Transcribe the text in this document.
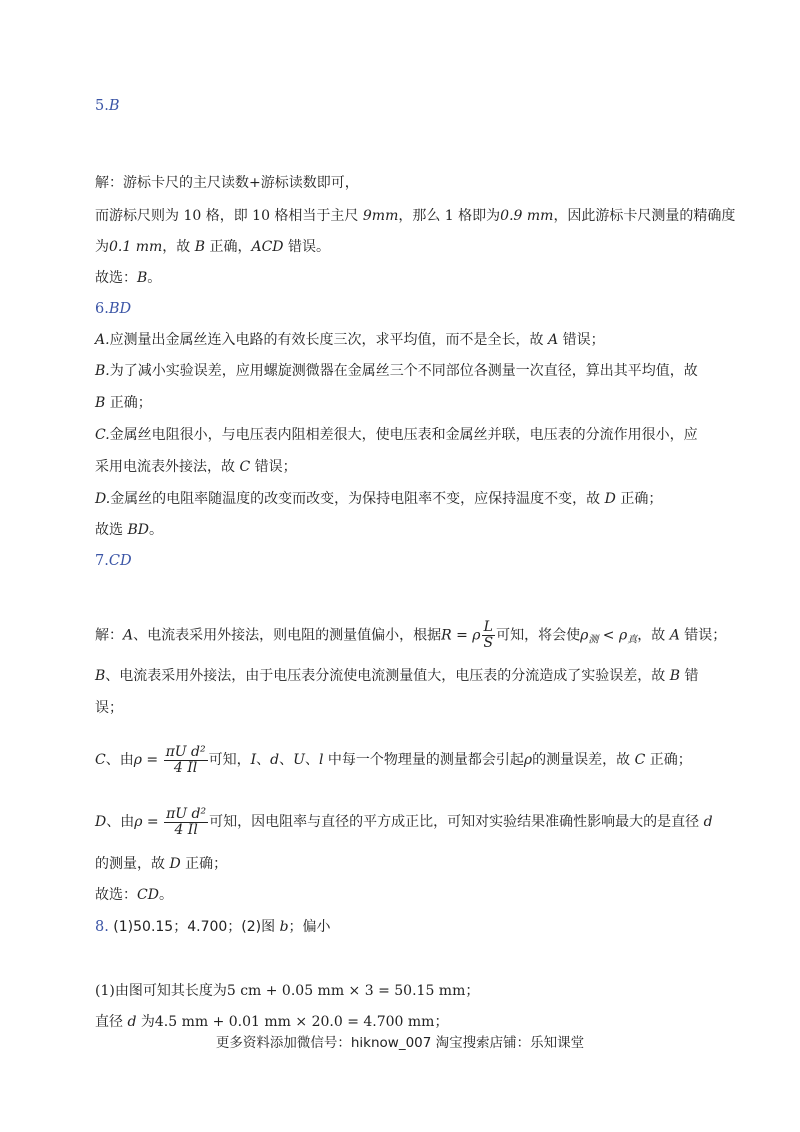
5.B
解：游标卡尺的主尺读数+游标读数即可，
而游标尺则为 10 格，即 10 格相当于主尺 9mm，那么 1 格即为0.9 mm，因此游标卡尺测量的精确度
为0.1 mm，故 B 正确，ACD 错误。
故选：B。
6.BD
A.应测量出金属丝连入电路的有效长度三次，求平均值，而不是全长，故 A 错误；
B.为了减小实验误差，应用螺旋测微器在金属丝三个不同部位各测量一次直径，算出其平均值，故
B 正确；
C.金属丝电阻很小，与电压表内阻相差很大，使电压表和金属丝并联，电压表的分流作用很小，应
采用电流表外接法，故 C 错误；
D.金属丝的电阻率随温度的改变而改变，为保持电阻率不变，应保持温度不变，故 D 正确；
故选 BD。
7.CD
解：A、电流表采用外接法，则电阻的测量值偏小，根据R = ρ $\frac{L}{S}$ 可知，将会使$\rho_测 < \rho_真$，故 A 错误；
B、电流表采用外接法，由于电压表分流使电流测量值大，电压表的分流造成了实验误差，故 B 错
误；
C、由$\rho = \frac{\text{πU d²}}{4 Il}$ 可知，I、d、U、l 中每一个物理量的测量都会引起ρ的测量误差，故 C 正确；
D、由$\rho = \frac{\text{πU d²}}{4 Il}$ 可知，因电阻率与直径的平方成正比，可知对实验结果准确性影响最大的是直径 d
的测量，故 D 正确；
故选：CD。
8. (1)50.15；4.700；(2)图 b；偏小
(1)由图可知其长度为5 cm + 0.05 mm × 3 = 50.15 mm；
直径 d 为4.5 mm + 0.01 mm × 20.0 = 4.700 mm；
更多资料添加微信号：hiknow_007 淘宝搜索店铺：乐知课堂
